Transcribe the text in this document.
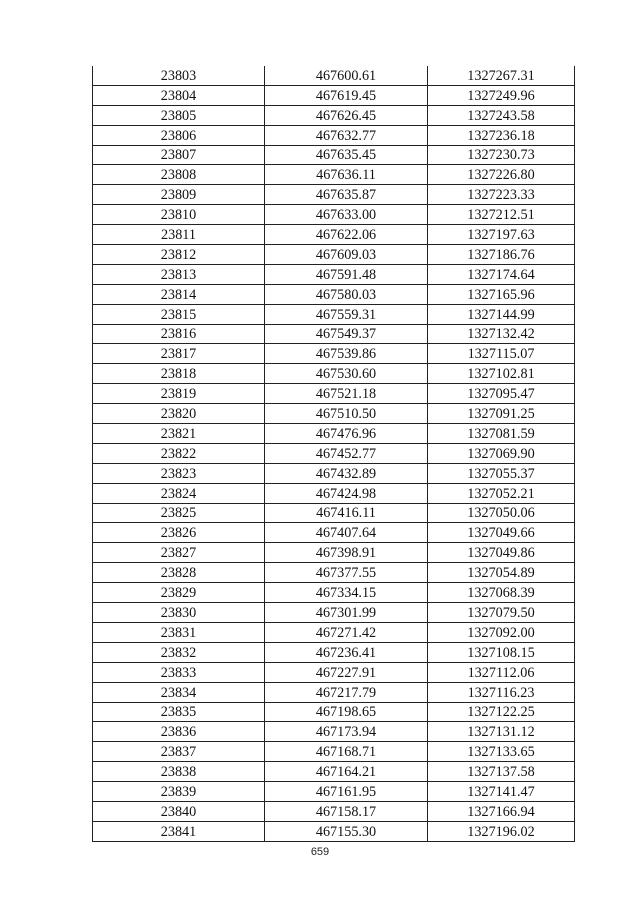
23803	467600.61	1327267.31
23804	467619.45	1327249.96
23805	467626.45	1327243.58
23806	467632.77	1327236.18
23807	467635.45	1327230.73
23808	467636.11	1327226.80
23809	467635.87	1327223.33
23810	467633.00	1327212.51
23811	467622.06	1327197.63
23812	467609.03	1327186.76
23813	467591.48	1327174.64
23814	467580.03	1327165.96
23815	467559.31	1327144.99
23816	467549.37	1327132.42
23817	467539.86	1327115.07
23818	467530.60	1327102.81
23819	467521.18	1327095.47
23820	467510.50	1327091.25
23821	467476.96	1327081.59
23822	467452.77	1327069.90
23823	467432.89	1327055.37
23824	467424.98	1327052.21
23825	467416.11	1327050.06
23826	467407.64	1327049.66
23827	467398.91	1327049.86
23828	467377.55	1327054.89
23829	467334.15	1327068.39
23830	467301.99	1327079.50
23831	467271.42	1327092.00
23832	467236.41	1327108.15
23833	467227.91	1327112.06
23834	467217.79	1327116.23
23835	467198.65	1327122.25
23836	467173.94	1327131.12
23837	467168.71	1327133.65
23838	467164.21	1327137.58
23839	467161.95	1327141.47
23840	467158.17	1327166.94
23841	467155.30	1327196.02
659
